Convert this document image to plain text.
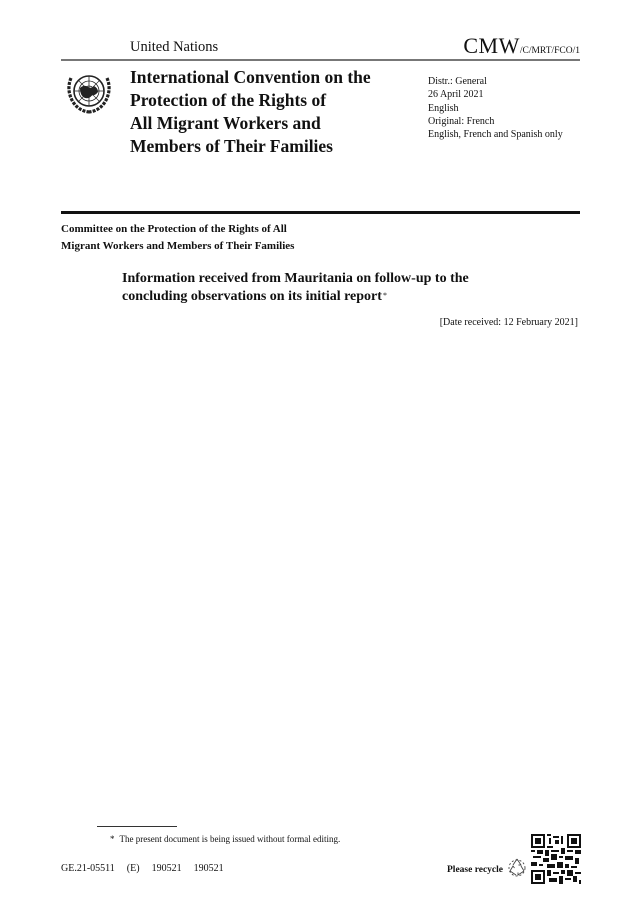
United Nations	CMW/C/MRT/FCO/1
International Convention on the
Protection of the Rights of
All Migrant Workers and
Members of Their Families
Distr.: General
26 April 2021
English
Original: French
English, French and Spanish only
Committee on the Protection of the Rights of All
Migrant Workers and Members of Their Families
Information received from Mauritania on follow-up to the
concluding observations on its initial report*
[Date received: 12 February 2021]
* The present document is being issued without formal editing.
GE.21-05511 (E) 190521 190521	Please recycle
